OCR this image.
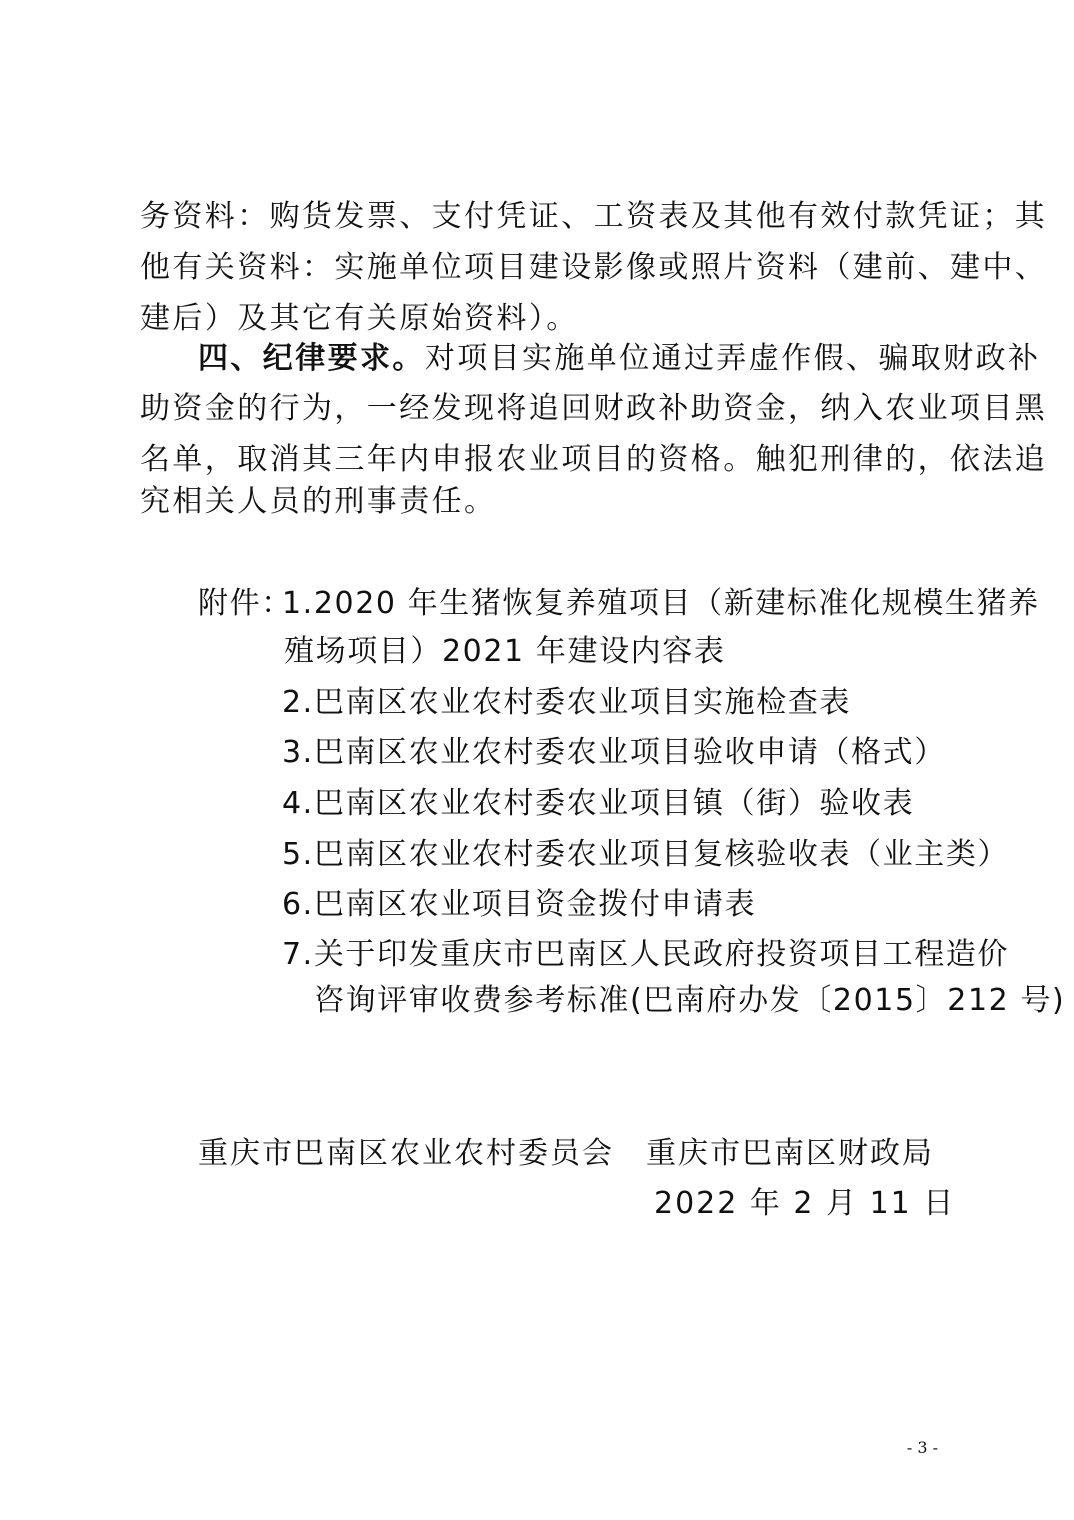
务资料：购货发票、支付凭证、工资表及其他有效付款凭证；其
他有关资料：实施单位项目建设影像或照片资料（建前、建中、
建后）及其它有关原始资料）。
四、纪律要求。对项目实施单位通过弄虚作假、骗取财政补
助资金的行为，一经发现将追回财政补助资金，纳入农业项目黑
名单，取消其三年内申报农业项目的资格。触犯刑律的，依法追
究相关人员的刑事责任。
附件：
1.2020 年生猪恢复养殖项目（新建标准化规模生猪养
殖场项目）2021 年建设内容表
2.巴南区农业农村委农业项目实施检查表
3.巴南区农业农村委农业项目验收申请（格式）
4.巴南区农业农村委农业项目镇（街）验收表
5.巴南区农业农村委农业项目复核验收表（业主类）
6.巴南区农业项目资金拨付申请表
7.关于印发重庆市巴南区人民政府投资项目工程造价
咨询评审收费参考标准(巴南府办发〔2015〕212 号)
重庆市巴南区农业农村委员会 重庆市巴南区财政局
2022 年 2 月 11 日
- 3 -
